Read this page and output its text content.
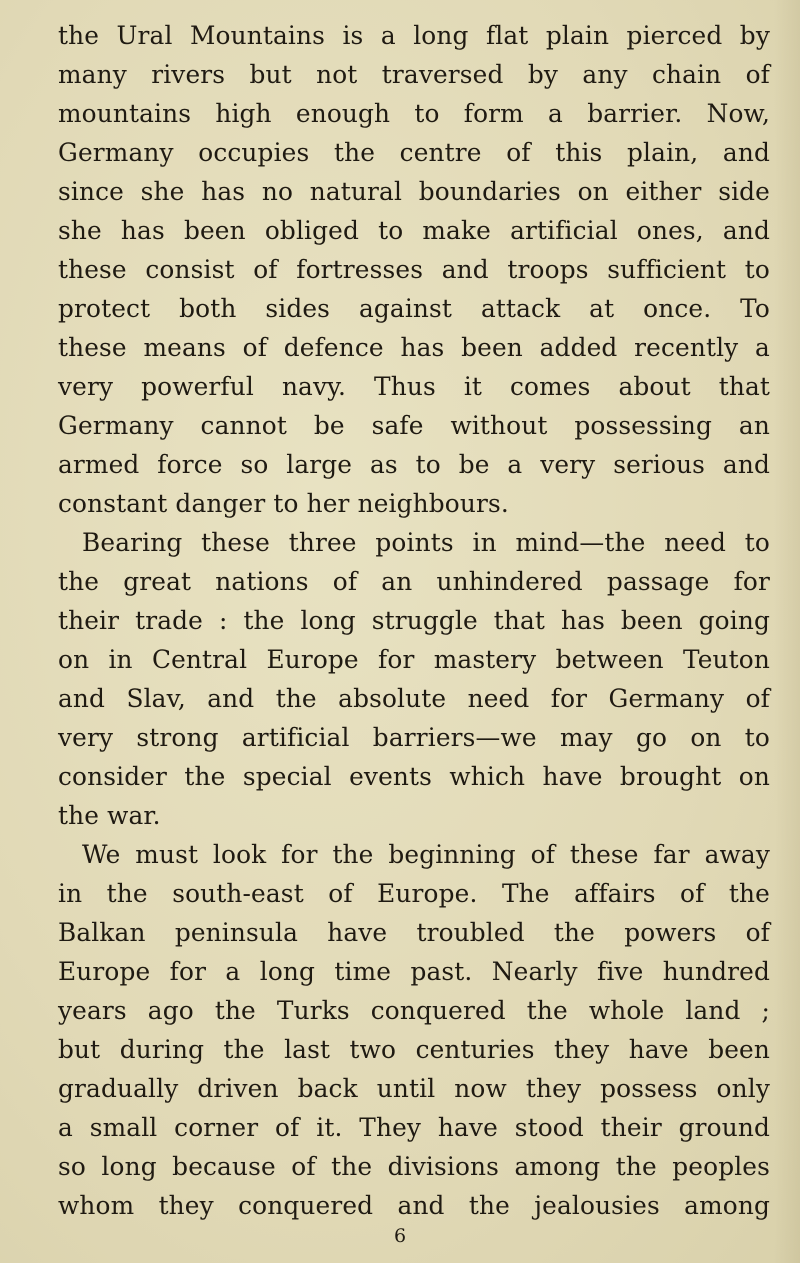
the Ural Mountains is a long flat plain pierced by
many rivers but not traversed by any chain of
mountains high enough to form a barrier. Now,
Germany occupies the centre of this plain, and
since she has no natural boundaries on either side
she has been obliged to make artificial ones, and
these consist of fortresses and troops sufficient to
protect both sides against attack at once. To
these means of defence has been added recently a
very powerful navy. Thus it comes about that
Germany cannot be safe without possessing an
armed force so large as to be a very serious and
constant danger to her neighbours.
Bearing these three points in mind—the need to
the great nations of an unhindered passage for
their trade : the long struggle that has been going
on in Central Europe for mastery between Teuton
and Slav, and the absolute need for Germany of
very strong artificial barriers—we may go on to
consider the special events which have brought on
the war.
We must look for the beginning of these far away
in the south-east of Europe. The affairs of the
Balkan peninsula have troubled the powers of
Europe for a long time past. Nearly five hundred
years ago the Turks conquered the whole land ;
but during the last two centuries they have been
gradually driven back until now they possess only
a small corner of it. They have stood their ground
so long because of the divisions among the peoples
whom they conquered and the jealousies among
6
